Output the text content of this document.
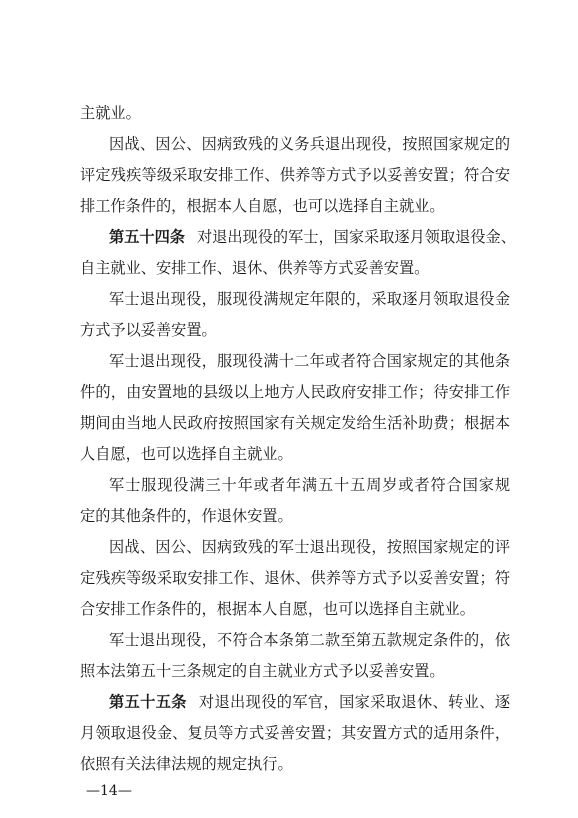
主就业。
因战、因公、因病致残的义务兵退出现役，按照国家规定的
评定残疾等级采取安排工作、供养等方式予以妥善安置；符合安
排工作条件的，根据本人自愿，也可以选择自主就业。
第五十四条 对退出现役的军士，国家采取逐月领取退役金、
自主就业、安排工作、退休、供养等方式妥善安置。
军士退出现役，服现役满规定年限的，采取逐月领取退役金
方式予以妥善安置。
军士退出现役，服现役满十二年或者符合国家规定的其他条
件的，由安置地的县级以上地方人民政府安排工作；待安排工作
期间由当地人民政府按照国家有关规定发给生活补助费；根据本
人自愿，也可以选择自主就业。
军士服现役满三十年或者年满五十五周岁或者符合国家规
定的其他条件的，作退休安置。
因战、因公、因病致残的军士退出现役，按照国家规定的评
定残疾等级采取安排工作、退休、供养等方式予以妥善安置；符
合安排工作条件的，根据本人自愿，也可以选择自主就业。
军士退出现役，不符合本条第二款至第五款规定条件的，依
照本法第五十三条规定的自主就业方式予以妥善安置。
第五十五条 对退出现役的军官，国家采取退休、转业、逐
月领取退役金、复员等方式妥善安置；其安置方式的适用条件，
依照有关法律法规的规定执行。
—14—
